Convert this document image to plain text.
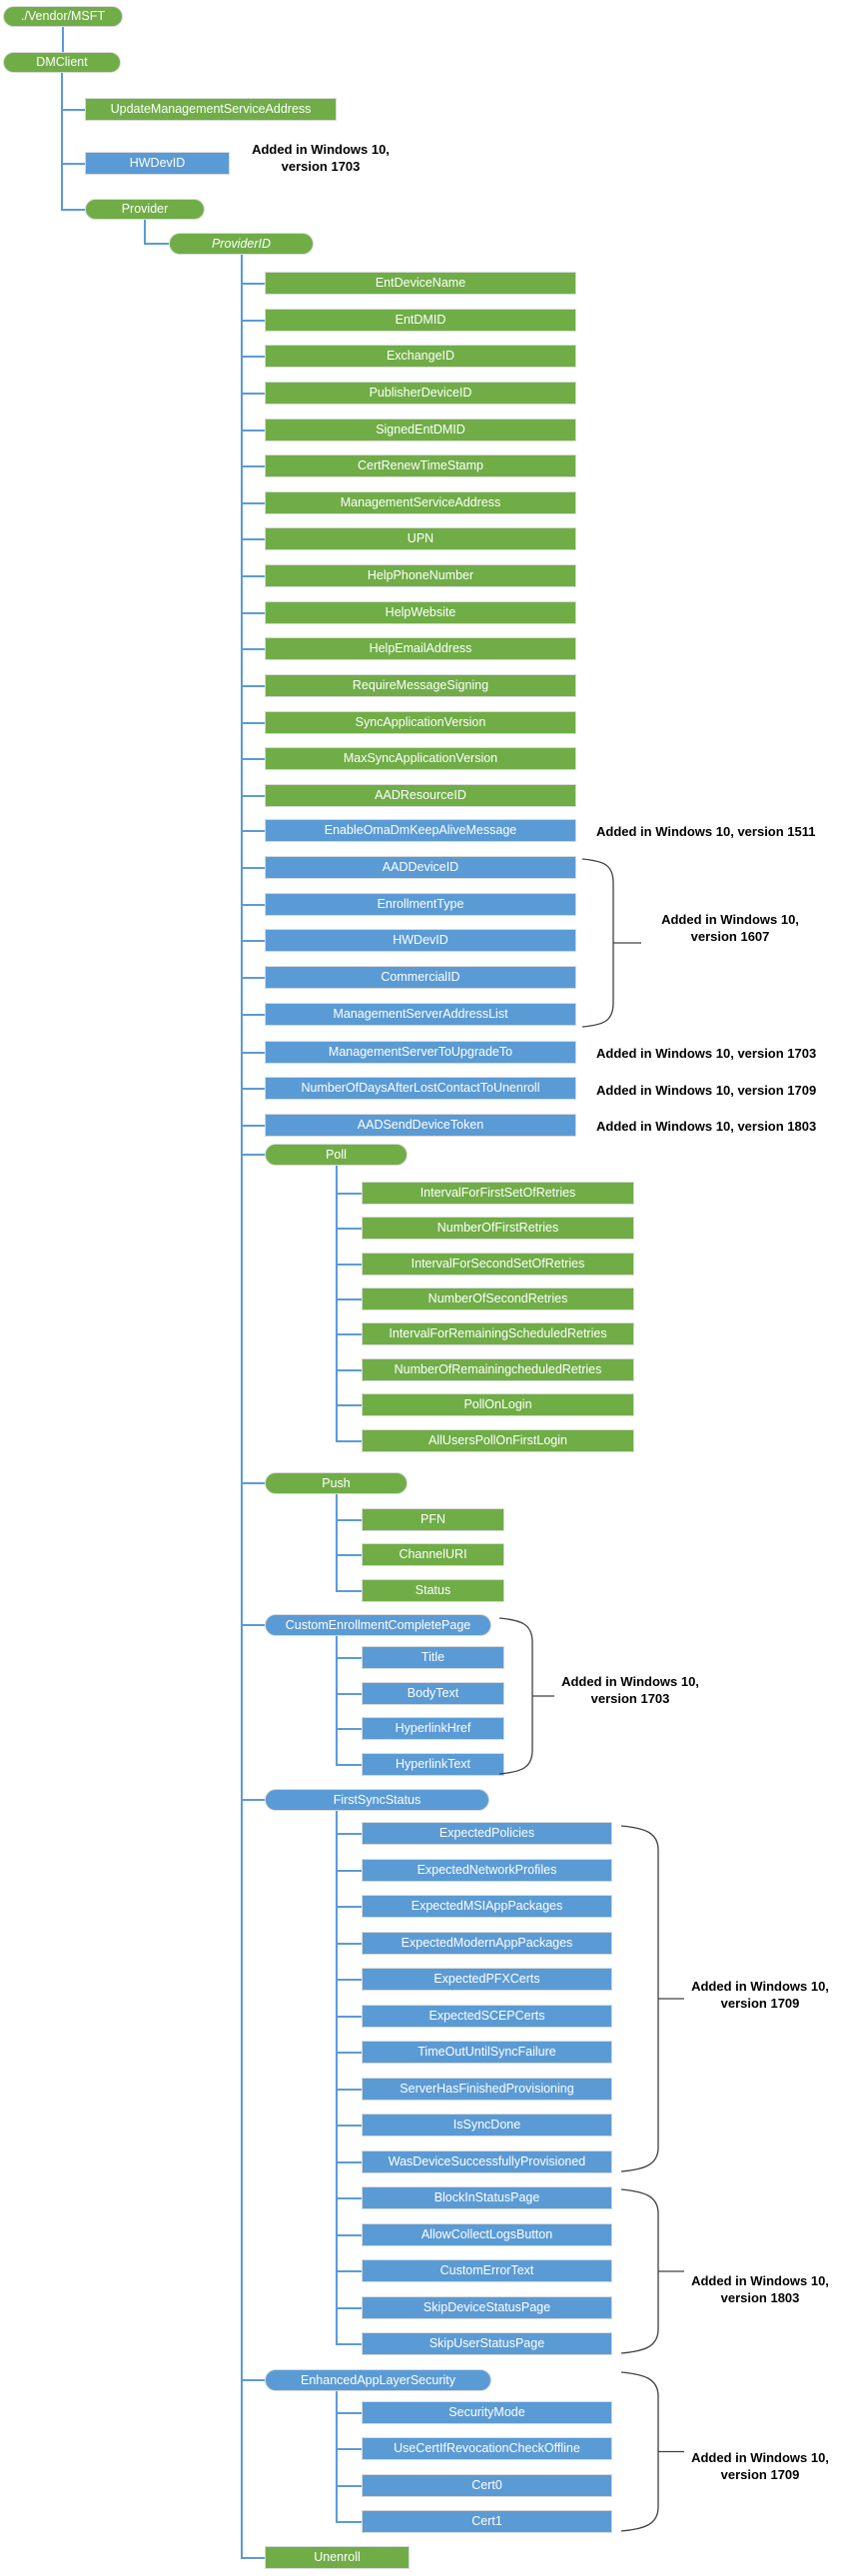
./Vendor/MSFT
DMClient
UpdateManagementServiceAddress
HWDevID
Provider
ProviderID
EntDeviceName
EntDMID
ExchangeID
PublisherDeviceID
SignedEntDMID
CertRenewTimeStamp
ManagementServiceAddress
UPN
HelpPhoneNumber
HelpWebsite
HelpEmailAddress
RequireMessageSigning
SyncApplicationVersion
MaxSyncApplicationVersion
AADResourceID
EnableOmaDmKeepAliveMessage
AADDeviceID
EnrollmentType
HWDevID
CommercialID
ManagementServerAddressList
ManagementServerToUpgradeTo
NumberOfDaysAfterLostContactToUnenroll
AADSendDeviceToken
Poll
IntervalForFirstSetOfRetries
NumberOfFirstRetries
IntervalForSecondSetOfRetries
NumberOfSecondRetries
IntervalForRemainingScheduledRetries
NumberOfRemainingcheduledRetries
PollOnLogin
AllUsersPollOnFirstLogin
Push
PFN
ChannelURI
Status
CustomEnrollmentCompletePage
Title
BodyText
HyperlinkHref
HyperlinkText
FirstSyncStatus
ExpectedPolicies
ExpectedNetworkProfiles
ExpectedMSIAppPackages
ExpectedModernAppPackages
ExpectedPFXCerts
ExpectedSCEPCerts
TimeOutUntilSyncFailure
ServerHasFinishedProvisioning
IsSyncDone
WasDeviceSuccessfullyProvisioned
BlockInStatusPage
AllowCollectLogsButton
CustomErrorText
SkipDeviceStatusPage
SkipUserStatusPage
EnhancedAppLayerSecurity
SecurityMode
UseCertIfRevocationCheckOffline
Cert0
Cert1
Unenroll
Added in Windows 10,
version 1703
Added in Windows 10, version 1511
Added in Windows 10,
version 1607
Added in Windows 10, version 1703
Added in Windows 10, version 1709
Added in Windows 10, version 1803
Added in Windows 10,
version 1703
Added in Windows 10,
version 1709
Added in Windows 10,
version 1803
Added in Windows 10,
version 1709
